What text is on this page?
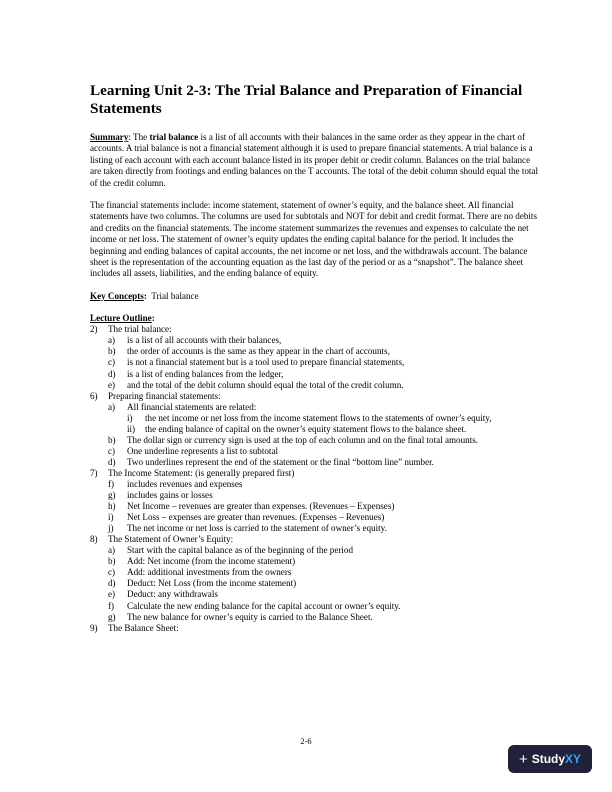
Learning Unit 2-3: The Trial Balance and Preparation of Financial Statements

Summary: The trial balance is a list of all accounts with their balances in the same order as they appear in the chart of accounts. A trial balance is not a financial statement although it is used to prepare financial statements. A trial balance is a listing of each account with each account balance listed in its proper debit or credit column. Balances on the trial balance are taken directly from footings and ending balances on the T accounts. The total of the debit column should equal the total of the credit column.

The financial statements include: income statement, statement of owner’s equity, and the balance sheet. All financial statements have two columns. The columns are used for subtotals and NOT for debit and credit format. There are no debits and credits on the financial statements. The income statement summarizes the revenues and expenses to calculate the net income or net loss. The statement of owner’s equity updates the ending capital balance for the period. It includes the beginning and ending balances of capital accounts, the net income or net loss, and the withdrawals account. The balance sheet is the representation of the accounting equation as the last day of the period or as a “snapshot”. The balance sheet includes all assets, liabilities, and the ending balance of equity.

Key Concepts: Trial balance
Lecture Outline:
2)	The trial balance:
a)	is a list of all accounts with their balances,
b)	the order of accounts is the same as they appear in the chart of accounts,
c)	is not a financial statement but is a tool used to prepare financial statements,
d)	is a list of ending balances from the ledger,
e)	and the total of the debit column should equal the total of the credit column.
6)	Preparing financial statements:
a)	All financial statements are related:
i)	the net income or net loss from the income statement flows to the statements of owner’s equity,
ii)	the ending balance of capital on the owner’s equity statement flows to the balance sheet.
b)	The dollar sign or currency sign is used at the top of each column and on the final total amounts.
c)	One underline represents a list to subtotal
d)	Two underlines represent the end of the statement or the final “bottom line” number.
7)	The Income Statement: (is generally prepared first)
f)	includes revenues and expenses
g)	includes gains or losses
h)	Net Income – revenues are greater than expenses. (Revenues – Expenses)
i)	Net Loss – expenses are greater than revenues. (Expenses – Revenues)
j)	The net income or net loss is carried to the statement of owner’s equity.
8)	The Statement of Owner’s Equity:
a)	Start with the capital balance as of the beginning of the period
b)	Add: Net income (from the income statement)
c)	Add: additional investments from the owners
d)	Deduct: Net Loss (from the income statement)
e)	Deduct: any withdrawals
f)	Calculate the new ending balance for the capital account or owner’s equity.
g)	The new balance for owner’s equity is carried to the Balance Sheet.
9)	The Balance Sheet:
2-6
+ Study XY
